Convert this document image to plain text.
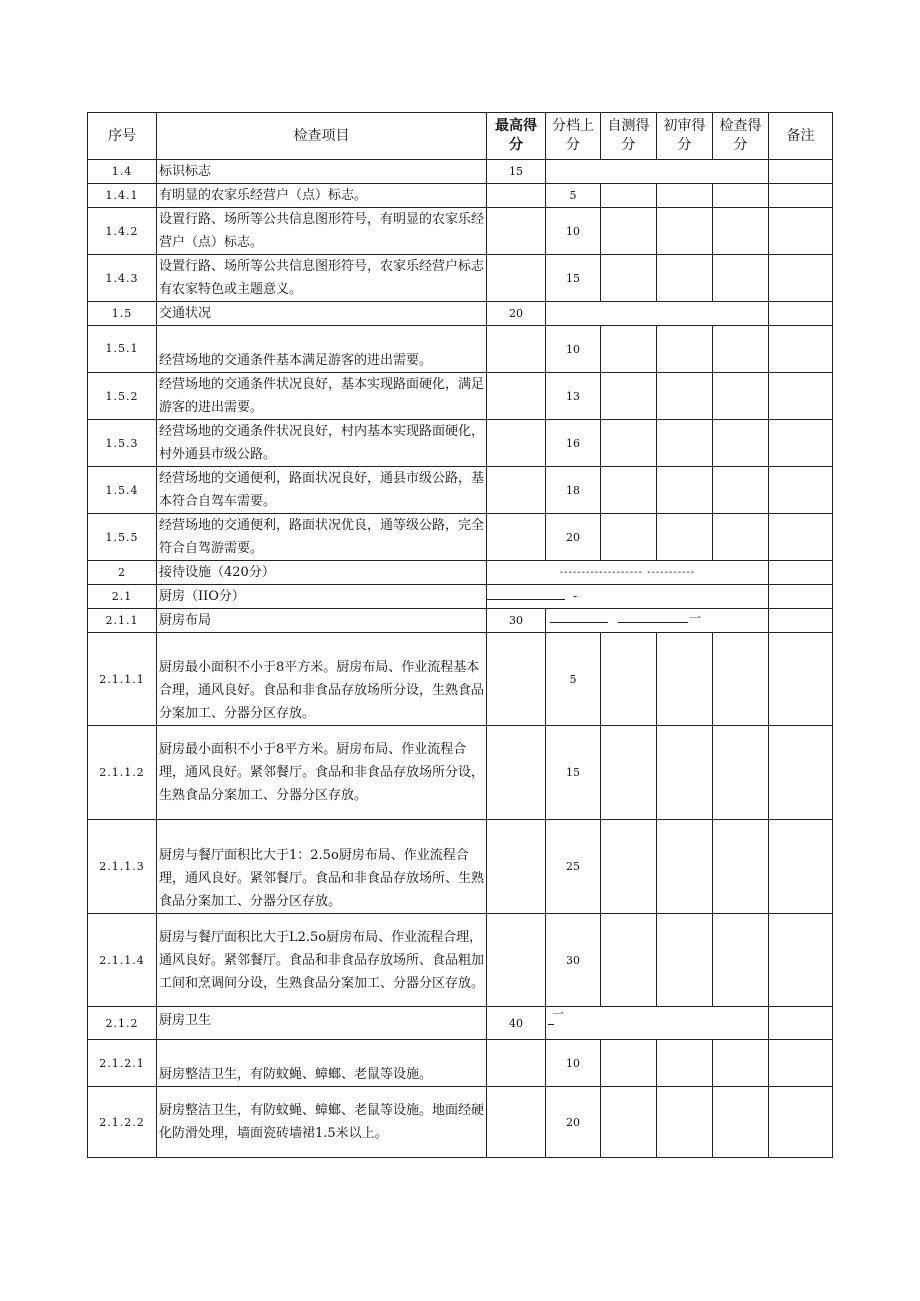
序号	检查项目	最高得分	分档上分	自测得分	初审得分	检查得分	备注
1.4	标识标志	15					
1.4.1	有明显的农家乐经营户（点）标志。		5				
1.4.2	设置行路、场所等公共信息图形符号，有明显的农家乐经营户（点）标志。		10				
1.4.3	设置行路、场所等公共信息图形符号，农家乐经营户标志有农家特色或主题意义。		15				
1.5	交通状况	20					
1.5.1	经营场地的交通条件基本满足游客的进出需要。		10				
1.5.2	经营场地的交通条件状况良好，基本实现路面硬化，满足游客的进出需要。		13				
1.5.3	经营场地的交通条件状况良好，村内基本实现路面硬化，村外通县市级公路。		16				
1.5.4	经营场地的交通便利，路面状况良好，通县市级公路，基本符合自驾车需要。		18				
1.5.5	经营场地的交通便利，路面状况优良，通等级公路，完全符合自驾游需要。		20				
2	接待设施（420分）	------------------- -----------					

2.1	厨房（IIO分）	-					

2.1.1	厨房布局	30	一				

2.1.1.1	厨房最小面积不小于8平方米。厨房布局、作业流程基本合理，通风良好。食品和非食品存放场所分设，生熟食品分案加工、分器分区存放。		5				
2.1.1.2	厨房最小面积不小于8平方米。厨房布局、作业流程合理，通风良好。紧邻餐厅。食品和非食品存放场所分设，生熟食品分案加工、分器分区存放。		15				
2.1.1.3	厨房与餐厅面积比大于1：2.5o厨房布局、作业流程合理，通风良好。紧邻餐厅。食品和非食品存放场所、生熟食品分案加工、分器分区存放。		25				
2.1.1.4	厨房与餐厅面积比大于L2.5o厨房布局、作业流程合理，通风良好。紧邻餐厅。食品和非食品存放场所、食品粗加工间和烹调间分设，生熟食品分案加工、分器分区存放。		30				
2.1.2	厨房卫生	40	一				

2.1.2.1	厨房整洁卫生，有防蚊蝇、蟑螂、老鼠等设施。		10				
2.1.2.2	厨房整洁卫生，有防蚊蝇、蟑螂、老鼠等设施。地面经硬化防滑处理，墙面瓷砖墙裙1.5米以上。		20				
